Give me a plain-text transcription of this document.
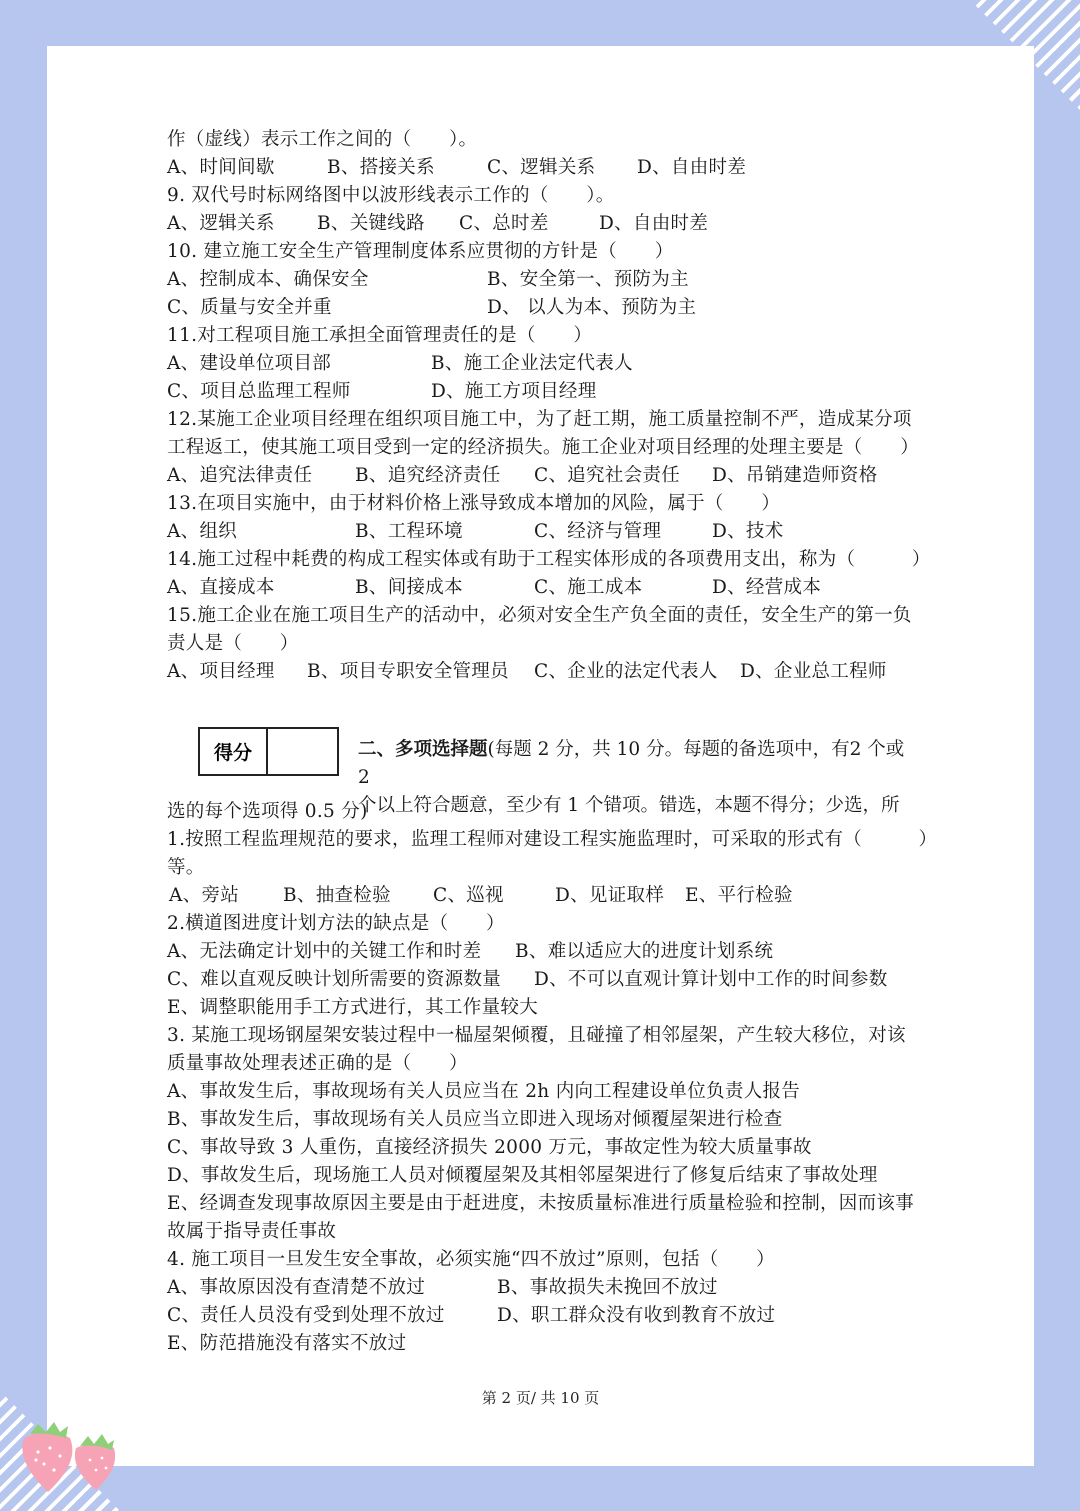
作（虚线）表示工作之间的（　　）。
A、时间间歇	B、搭接关系	C、逻辑关系 D、自由时差
9. 双代号时标网络图中以波形线表示工作的（　　）。
A、逻辑关系 B、关键线路 C、总时差	D、自由时差
10. 建立施工安全生产管理制度体系应贯彻的方针是（　　）
A、控制成本、确保安全	B、安全第一、预防为主
C、质量与安全并重	D、 以人为本、预防为主
11.对工程项目施工承担全面管理责任的是（　　）
A、建设单位项目部	B、施工企业法定代表人
C、项目总监理工程师	D、施工方项目经理
12.某施工企业项目经理在组织项目施工中，为了赶工期，施工质量控制不严，造成某分项
工程返工，使其施工项目受到一定的经济损失。施工企业对项目经理的处理主要是（　　）
A、追究法律责任 B、追究经济责任 C、追究社会责任 D、吊销建造师资格
13.在项目实施中，由于材料价格上涨导致成本增加的风险，属于（　　）
A、组织	B、工程环境	C、经济与管理	D、技术
14.施工过程中耗费的构成工程实体或有助于工程实体形成的各项费用支出，称为（　　　）
A、直接成本	B、间接成本	C、施工成本	D、经营成本
15.施工企业在施工项目生产的活动中，必须对安全生产负全面的责任，安全生产的第一负
责人是（　　）
A、项目经理 B、项目专职安全管理员 C、企业的法定代表人 D、企业总工程师
选的每个选项得 0.5 分)
1.按照工程监理规范的要求，监理工程师对建设工程实施监理时，可采取的形式有（　　　）
等。
A、旁站 B、抽查检验 C、巡视	D、见证取样 E、平行检验
2.横道图进度计划方法的缺点是（　　）
A、无法确定计划中的关键工作和时差 B、难以适应大的进度计划系统
C、难以直观反映计划所需要的资源数量 D、不可以直观计算计划中工作的时间参数
E、调整职能用手工方式进行，其工作量较大
3. 某施工现场钢屋架安装过程中一榀屋架倾覆，且碰撞了相邻屋架，产生较大移位，对该
质量事故处理表述正确的是（　　）
A、事故发生后，事故现场有关人员应当在 2h 内向工程建设单位负责人报告
B、事故发生后，事故现场有关人员应当立即进入现场对倾覆屋架进行检查
C、事故导致 3 人重伤，直接经济损失 2000 万元，事故定性为较大质量事故
D、事故发生后，现场施工人员对倾覆屋架及其相邻屋架进行了修复后结束了事故处理
E、经调查发现事故原因主要是由于赶进度，未按质量标准进行质量检验和控制，因而该事
故属于指导责任事故
4. 施工项目一旦发生安全事故，必须实施“四不放过”原则，包括（　　）
A、事故原因没有查清楚不放过	B、事故损失未挽回不放过
C、责任人员没有受到处理不放过	D、职工群众没有收到教育不放过
E、防范措施没有落实不放过
得分	二、多项选择题(每题 2 分，共 10 分。每题的备选项中，有2 个或 2
个以上符合题意，至少有 1 个错项。错选，本题不得分；少选，所
第 2 页/ 共 10 页
